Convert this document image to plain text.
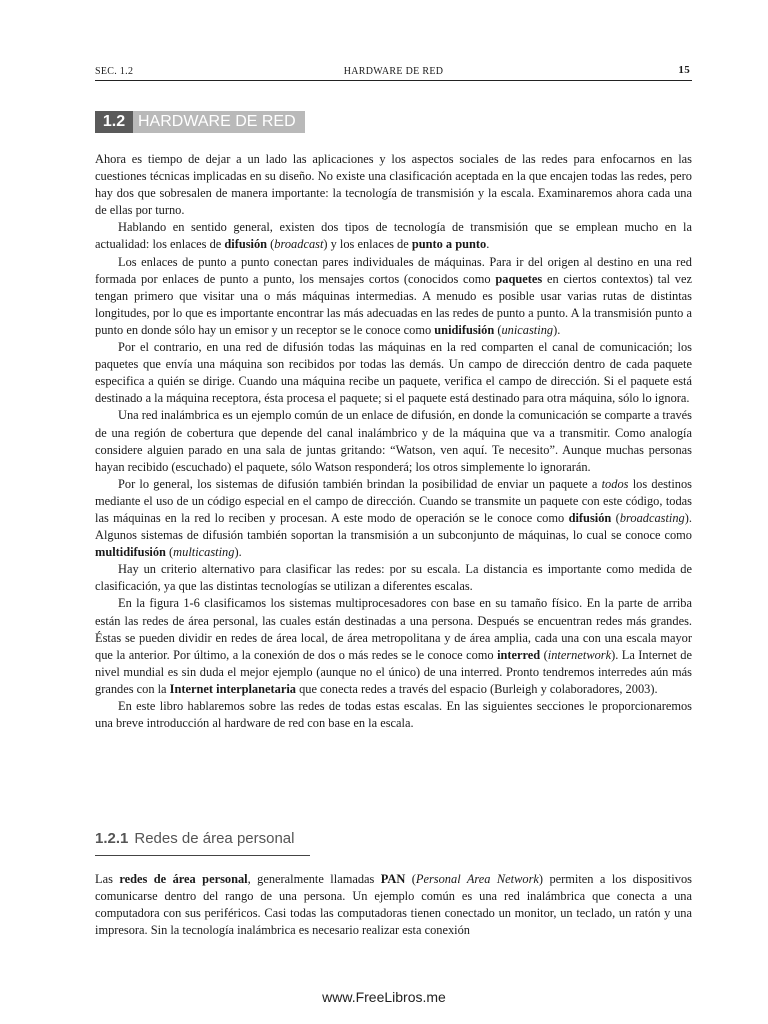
SEC. 1.2	HARDWARE DE RED	15
1.2 HARDWARE DE RED

Ahora es tiempo de dejar a un lado las aplicaciones y los aspectos sociales de las redes para enfocarnos en las cuestiones técnicas implicadas en su diseño. No existe una clasificación aceptada en la que encajen todas las redes, pero hay dos que sobresalen de manera importante: la tecnología de transmisión y la escala. Examinaremos ahora cada una de ellas por turno.

Hablando en sentido general, existen dos tipos de tecnología de transmisión que se emplean mucho en la actualidad: los enlaces de difusión (broadcast) y los enlaces de punto a punto.

Los enlaces de punto a punto conectan pares individuales de máquinas. Para ir del origen al destino en una red formada por enlaces de punto a punto, los mensajes cortos (conocidos como paquetes en ciertos contextos) tal vez tengan primero que visitar una o más máquinas intermedias. A menudo es posible usar varias rutas de distintas longitudes, por lo que es importante encontrar las más adecuadas en las redes de punto a punto. A la transmisión punto a punto en donde sólo hay un emisor y un receptor se le conoce como unidifusión (unicasting).

Por el contrario, en una red de difusión todas las máquinas en la red comparten el canal de comunicación; los paquetes que envía una máquina son recibidos por todas las demás. Un campo de dirección dentro de cada paquete especifica a quién se dirige. Cuando una máquina recibe un paquete, verifica el campo de dirección. Si el paquete está destinado a la máquina receptora, ésta procesa el paquete; si el paquete está destinado para otra máquina, sólo lo ignora.

Una red inalámbrica es un ejemplo común de un enlace de difusión, en donde la comunicación se comparte a través de una región de cobertura que depende del canal inalámbrico y de la máquina que va a transmitir. Como analogía considere alguien parado en una sala de juntas gritando: “Watson, ven aquí. Te necesito”. Aunque muchas personas hayan recibido (escuchado) el paquete, sólo Watson responderá; los otros simplemente lo ignorarán.

Por lo general, los sistemas de difusión también brindan la posibilidad de enviar un paquete a todos los destinos mediante el uso de un código especial en el campo de dirección. Cuando se transmite un paquete con este código, todas las máquinas en la red lo reciben y procesan. A este modo de operación se le conoce como difusión (broadcasting). Algunos sistemas de difusión también soportan la transmisión a un subconjunto de máquinas, lo cual se conoce como multidifusión (multicasting).

Hay un criterio alternativo para clasificar las redes: por su escala. La distancia es importante como medida de clasificación, ya que las distintas tecnologías se utilizan a diferentes escalas.

En la figura 1-6 clasificamos los sistemas multiprocesadores con base en su tamaño físico. En la parte de arriba están las redes de área personal, las cuales están destinadas a una persona. Después se encuentran redes más grandes. Éstas se pueden dividir en redes de área local, de área metropolitana y de área amplia, cada una con una escala mayor que la anterior. Por último, a la conexión de dos o más redes se le conoce como interred (internetwork). La Internet de nivel mundial es sin duda el mejor ejemplo (aunque no el único) de una interred. Pronto tendremos interredes aún más grandes con la Internet interplanetaria que conecta redes a través del espacio (Burleigh y colaboradores, 2003).

En este libro hablaremos sobre las redes de todas estas escalas. En las siguientes secciones le proporcionaremos una breve introducción al hardware de red con base en la escala.

1.2.1 Redes de área personal

Las redes de área personal, generalmente llamadas PAN (Personal Area Network) permiten a los dispositivos comunicarse dentro del rango de una persona. Un ejemplo común es una red inalámbrica que conecta a una computadora con sus periféricos. Casi todas las computadoras tienen conectado un monitor, un teclado, un ratón y una impresora. Sin la tecnología inalámbrica es necesario realizar esta conexión

www.FreeLibros.me
